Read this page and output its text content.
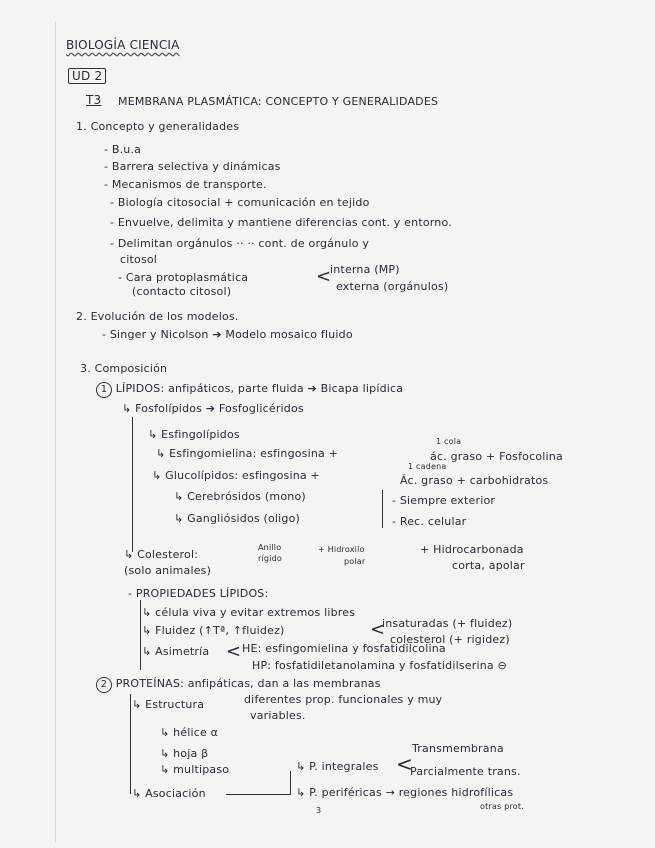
BIOLOGÍA CIENCIA
UD 2
T3 MEMBRANA PLASMÁTICA: CONCEPTO Y GENERALIDADES
1. Concepto y generalidades
- B.u.a
- Barrera selectiva y dinámicas
- Mecanismos de transporte.
- Biología citosocial + comunicación en tejido
- Envuelve, delimita y mantiene diferencias cont. y entorno.
- Delimitan orgánulos ·· ·· cont. de orgánulo y
citosol
- Cara protoplasmática
(contacto citosol)
<
interna (MP)
externa (orgánulos)
2. Evolución de los modelos.
- Singer y Nicolson ➔ Modelo mosaico fluido
3. Composición
1 LÍPIDOS: anfipáticos, parte fluida ➔ Bicapa lipídica
↳ Fosfolípidos ➔ Fosfoglicéridos
↳ Esfingolípidos
↳ Esfingomielina: esfingosina +
1 cola
ác. graso + Fosfocolina
↳ Glucolípidos: esfingosina +
1 cadena
Ác. graso + carbohidratos
↳ Cerebrósidos (mono)
↳ Gangliósidos (oligo)
- Siempre exterior
- Rec. celular
↳ Colesterol:
(solo animales)
Anillo
rígido
+ Hidroxilo
polar
+ Hidrocarbonada
corta, apolar
- PROPIEDADES LÍPIDOS:
↳ célula viva y evitar extremos libres
↳ Fluidez (↑Tª, ↑fluidez)	<
insaturadas (+ fluidez)
colesterol (+ rigidez)
↳ Asimetría < HE: esfingomielina y fosfatidilcolina
HP: fosfatidiletanolamina y fosfatidilserina ⊖
2 PROTEÍNAS: anfipáticas, dan a las membranas
↳ Estructura	diferentes prop. funcionales y muy
variables.
↳ hélice α
↳ hoja β
↳ multipaso	↳ P. integrales <
Transmembrana
Parcialmente trans.
↳ Asociación	↳ P. periféricas → regiones hidrofílicas
otras prot.
3
